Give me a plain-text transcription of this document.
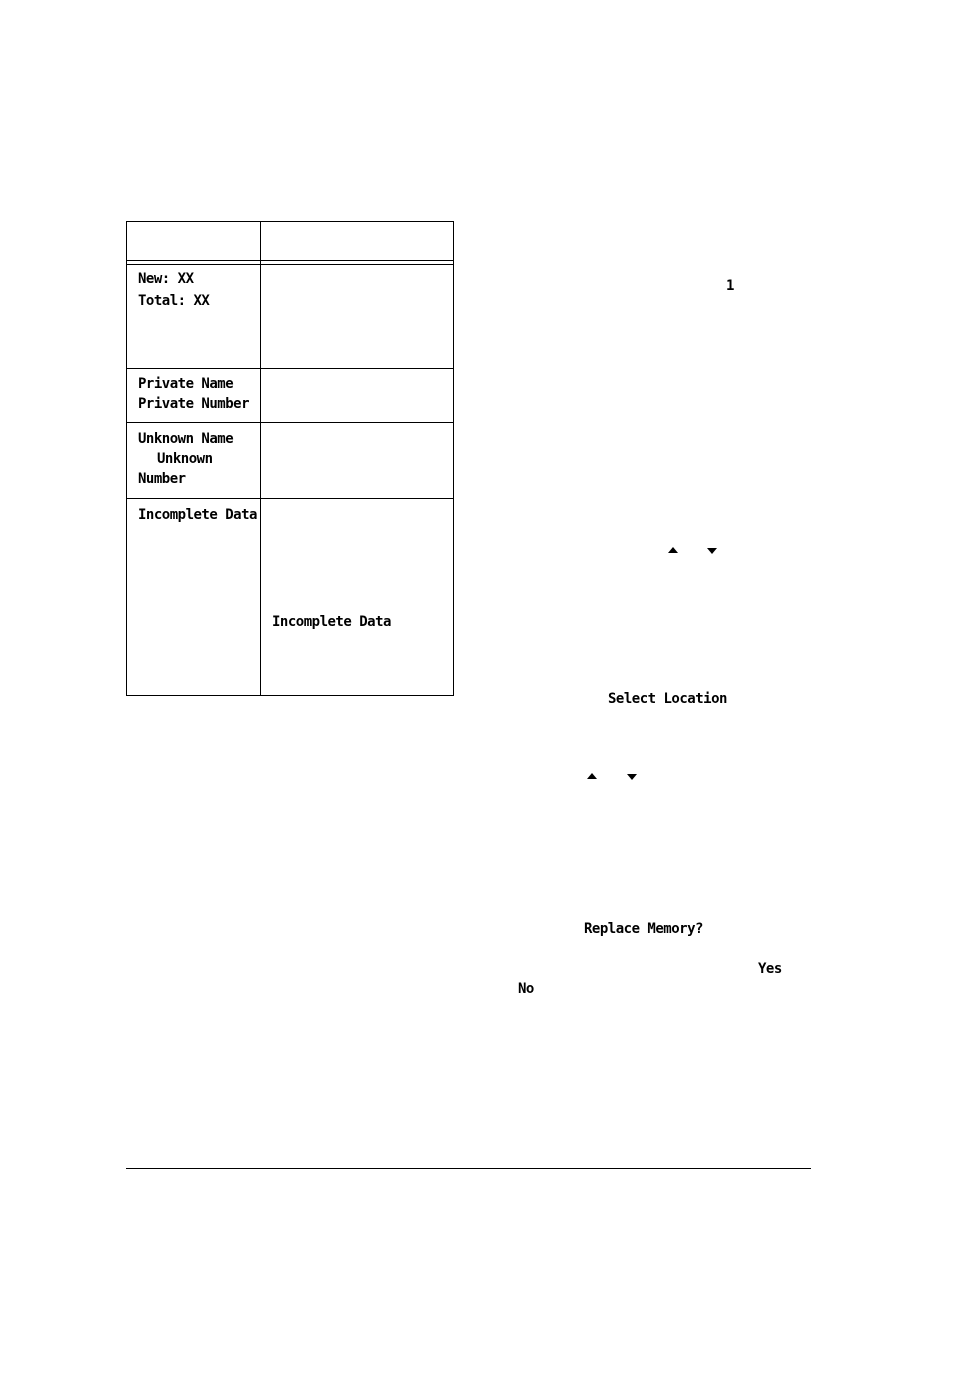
New: XX
Total: XX
Private Name
Private Number
Unknown Name
Unknown
Number
Incomplete Data
Incomplete Data
1
Select Location
Replace Memory?
Yes
No
